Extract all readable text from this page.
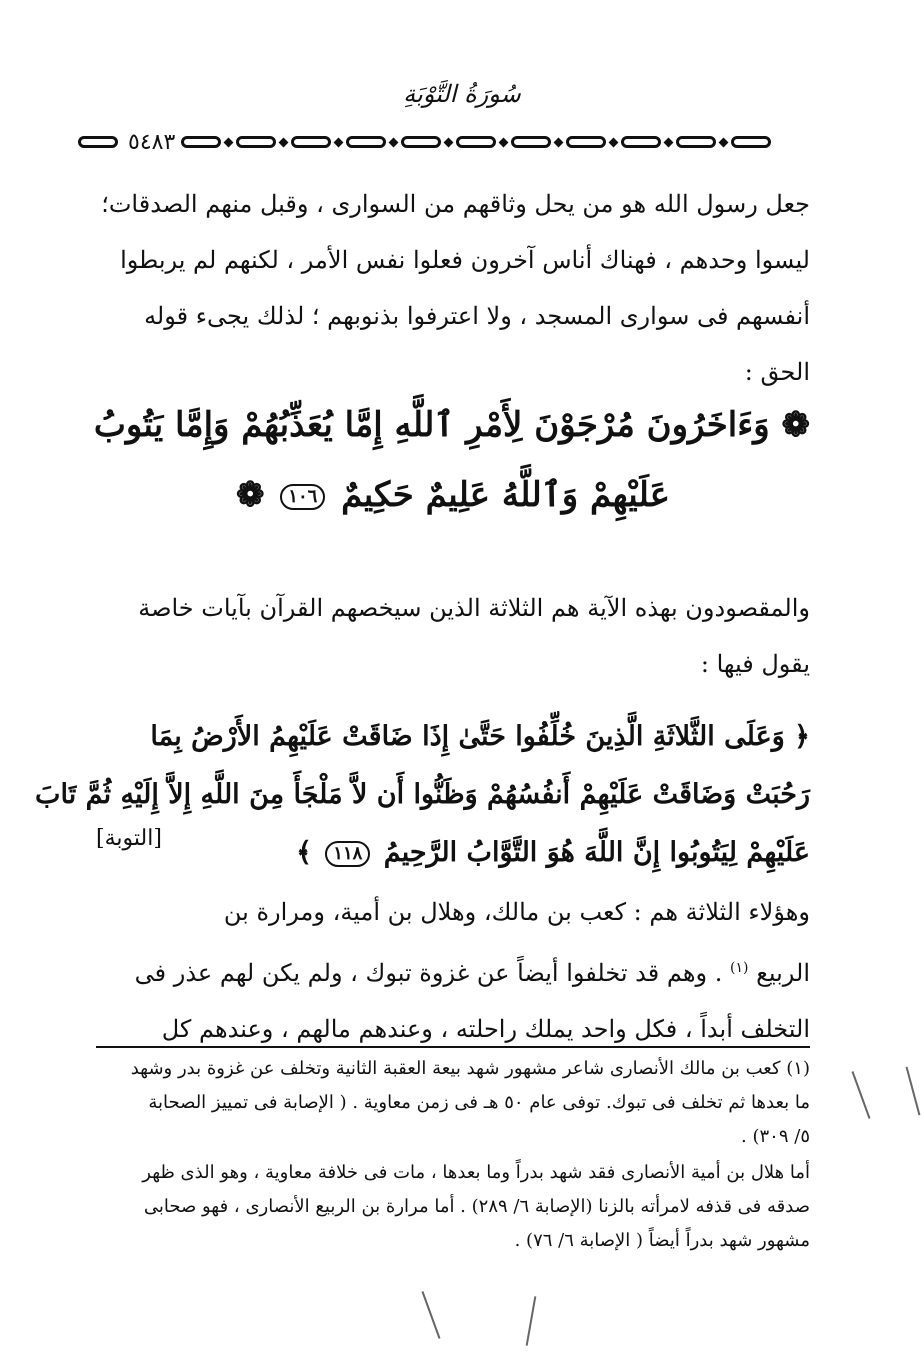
سُورَةُ التَّوْبَةِ
٥٤٨٣

جعل رسول الله هو من يحل وثاقهم من السوارى ، وقبل منهم الصدقات؛

ليسوا وحدهم ، فهناك أناس آخرون فعلوا نفس الأمر ، لكنهم لم يربطوا

أنفسهم فى سوارى المسجد ، ولا اعترفوا بذنوبهم ؛ لذلك يجىء قوله

الحق :

❁ وَءَاخَرُونَ مُرْجَوْنَ لِأَمْرِ ٱللَّهِ إِمَّا يُعَذِّبُهُمْ وَإِمَّا يَتُوبُ
عَلَيْهِمْ وَٱللَّهُ عَلِيمٌ حَكِيمٌ ١٠٦ ❁

والمقصودون بهذه الآية هم الثلاثة الذين سيخصهم القرآن بآيات خاصة

يقول فيها :

﴿ وَعَلَى الثَّلاثَةِ الَّذِينَ خُلِّفُوا حَتَّىٰ إِذَا ضَاقَتْ عَلَيْهِمُ الأَرْضُ بِمَا
رَحُبَتْ وَضَاقَتْ عَلَيْهِمْ أَنفُسُهُمْ وَظَنُّوا أَن لاَّ مَلْجَأَ مِنَ اللَّهِ إِلاَّ إِلَيْهِ ثُمَّ تَابَ
عَلَيْهِمْ لِيَتُوبُوا إِنَّ اللَّهَ هُوَ التَّوَّابُ الرَّحِيمُ ١١٨ ﴾
[التوبة]

وهؤلاء الثلاثة هم : كعب بن مالك، وهلال بن أمية، ومرارة بن

الربيع $^{(١)}$ . وهم قد تخلفوا أيضاً عن غزوة تبوك ، ولم يكن لهم عذر فى

التخلف أبداً ، فكل واحد يملك راحلته ، وعندهم مالهم ، وعندهم كل

(١) كعب بن مالك الأنصارى شاعر مشهور شهد بيعة العقبة الثانية وتخلف عن غزوة بدر وشهد

ما بعدها ثم تخلف فى تبوك. توفى عام ٥٠ هـ فى زمن معاوية . ( الإصابة فى تمييز الصحابة

٥/ ٣٠٩) .

أما هلال بن أمية الأنصارى فقد شهد بدراً وما بعدها ، مات فى خلافة معاوية ، وهو الذى ظهر

صدقه فى قذفه لامرأته بالزنا (الإصابة ٦/ ٢٨٩) . أما مرارة بن الربيع الأنصارى ، فهو صحابى

مشهور شهد بدراً أيضاً ( الإصابة ٦/ ٧٦) .
